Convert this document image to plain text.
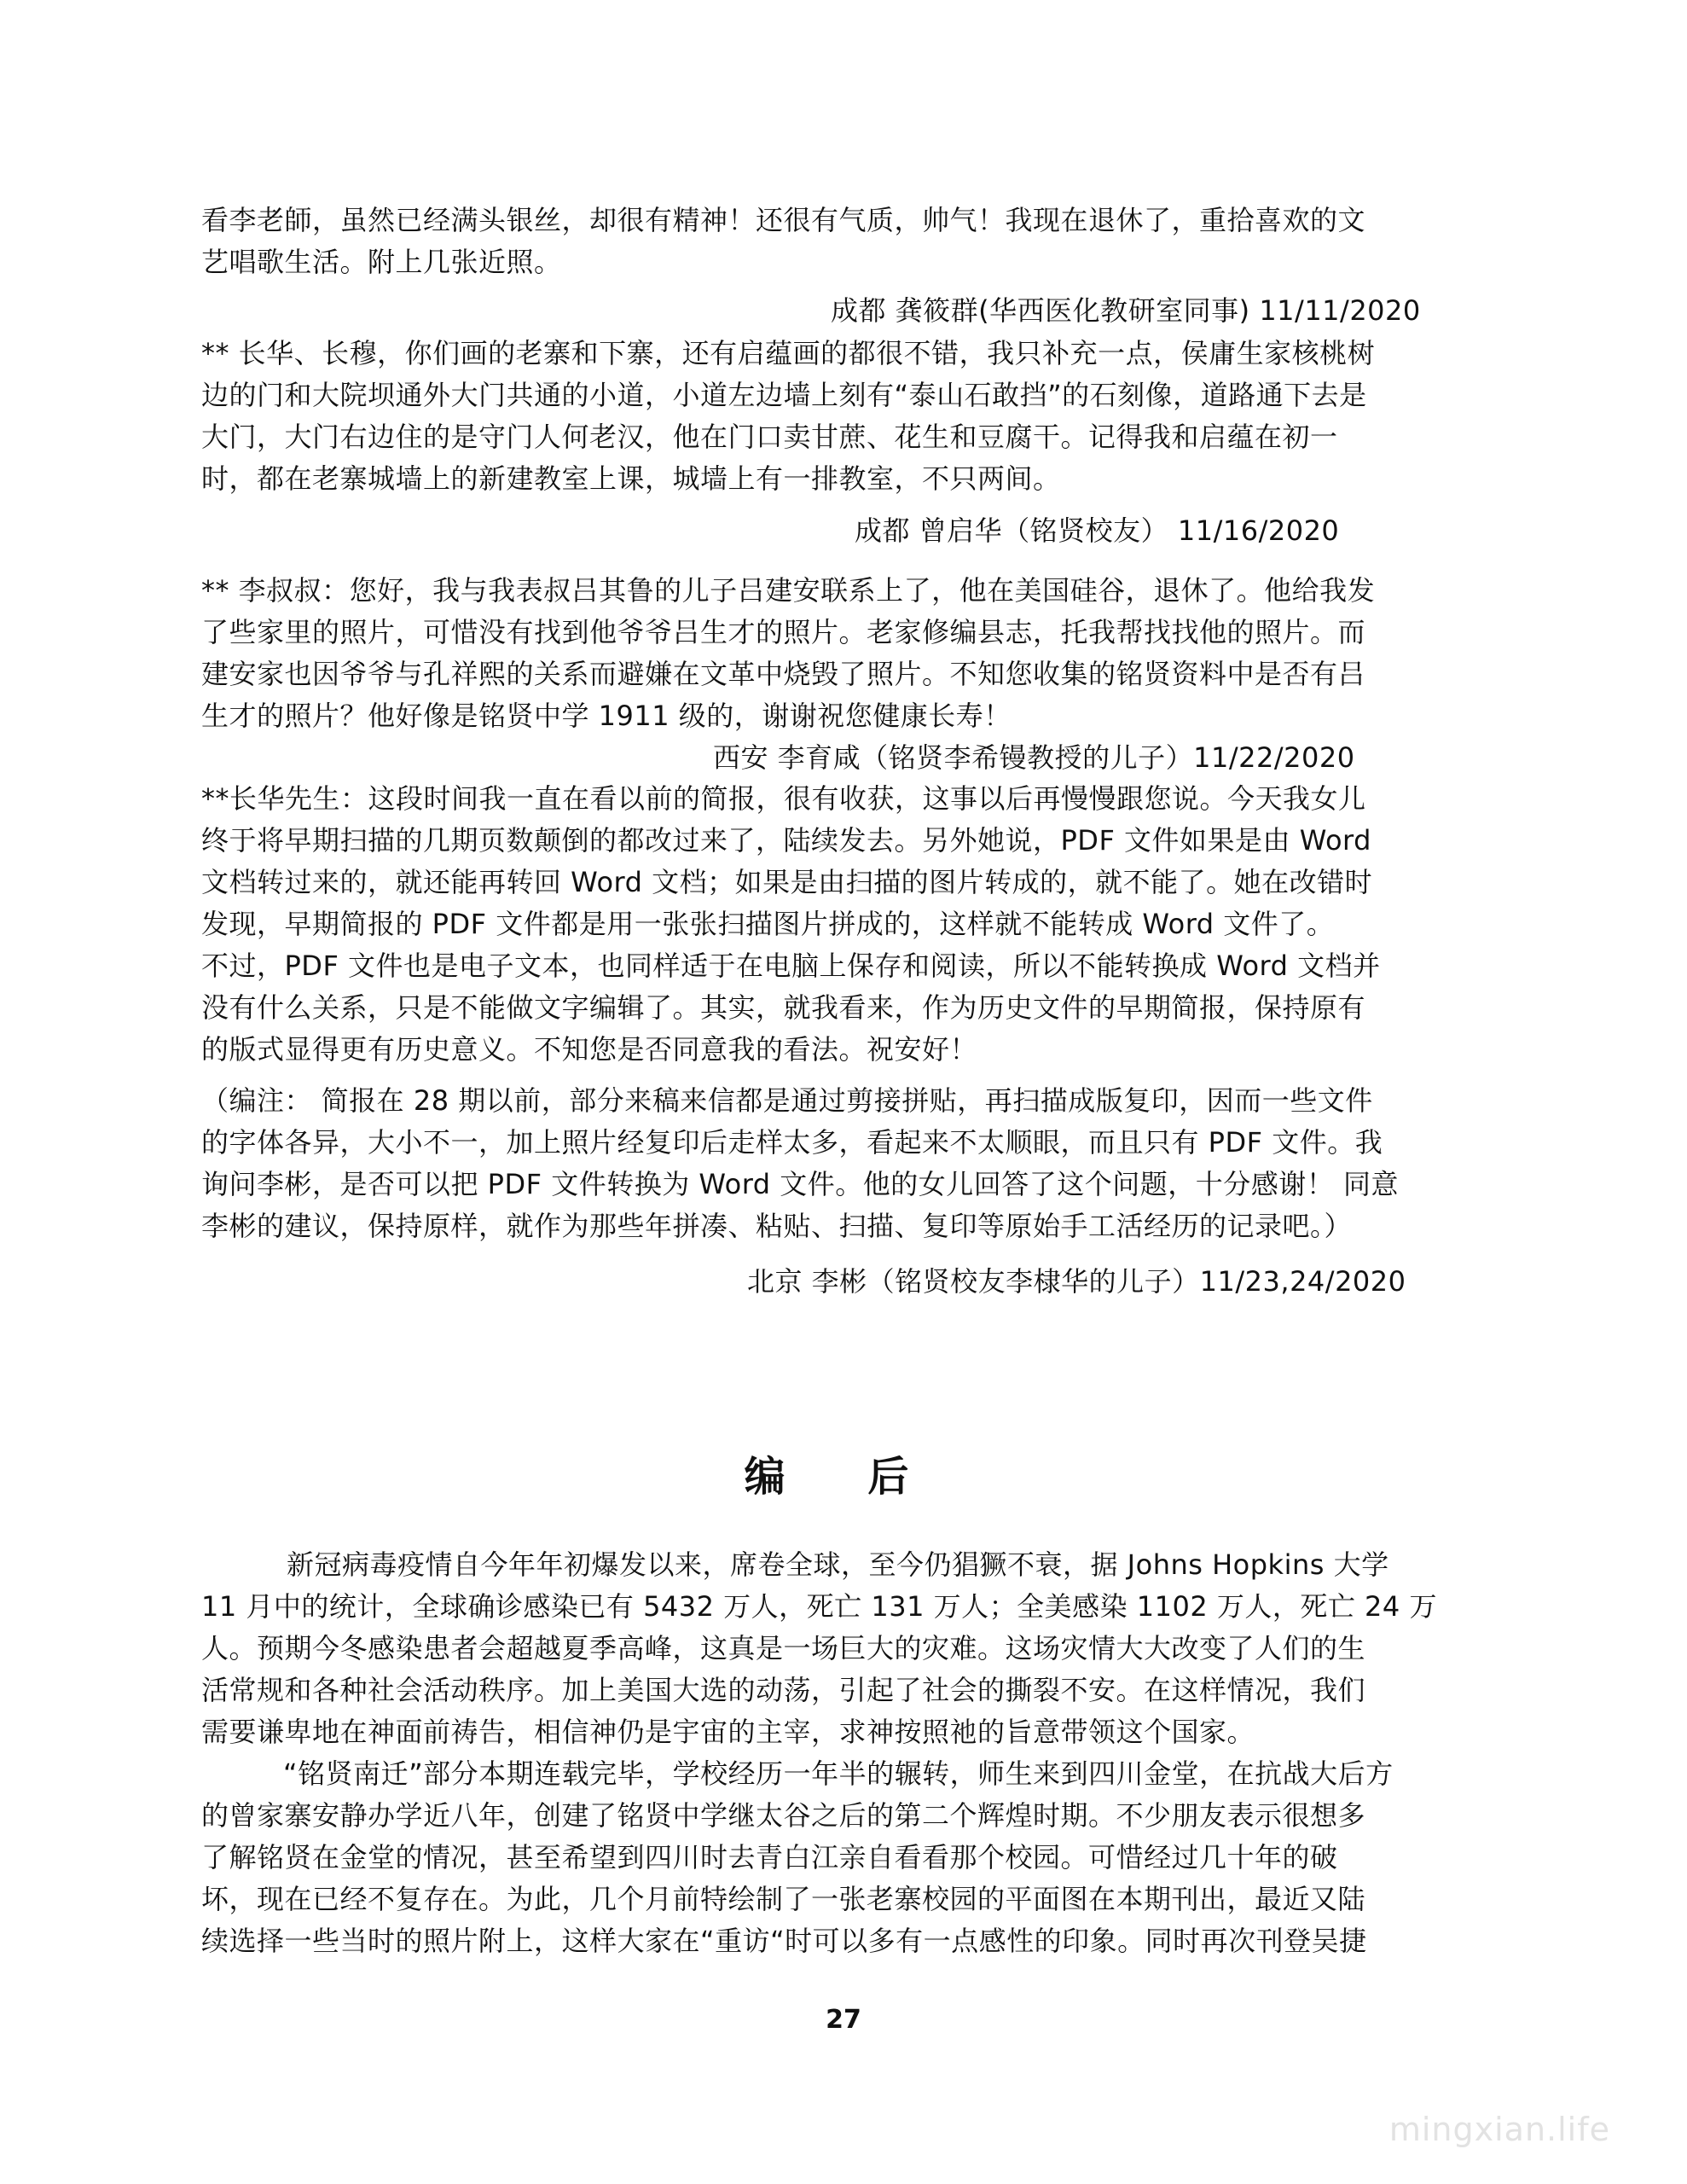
看李老師，虽然已经满头银丝，却很有精神！还很有气质，帅气！我现在退休了，重拾喜欢的文
艺唱歌生活。附上几张近照。
成都 龚筱群(华西医化教研室同事) 11/11/2020
** 长华、长穆，你们画的老寨和下寨，还有启蕴画的都很不错，我只补充一点，侯庸生家核桃树
边的门和大院坝通外大门共通的小道，小道左边墙上刻有“泰山石敢挡”的石刻像，道路通下去是
大门，大门右边住的是守门人何老汉，他在门口卖甘蔗、花生和豆腐干。记得我和启蕴在初一
时，都在老寨城墙上的新建教室上课，城墙上有一排教室，不只两间。
成都 曾启华（铭贤校友） 11/16/2020
** 李叔叔：您好，我与我表叔吕其鲁的儿子吕建安联系上了，他在美国硅谷，退休了。他给我发
了些家里的照片，可惜没有找到他爷爷吕生才的照片。老家修编县志，托我帮找找他的照片。而
建安家也因爷爷与孔祥熙的关系而避嫌在文革中烧毁了照片。不知您收集的铭贤资料中是否有吕
生才的照片？他好像是铭贤中学 1911 级的，谢谢祝您健康长寿！
西安 李育咸（铭贤李希镘教授的儿子）11/22/2020
**长华先生：这段时间我一直在看以前的简报，很有收获，这事以后再慢慢跟您说。今天我女儿
终于将早期扫描的几期页数颠倒的都改过来了，陆续发去。另外她说，PDF 文件如果是由 Word
文档转过来的，就还能再转回 Word 文档；如果是由扫描的图片转成的，就不能了。她在改错时
发现，早期简报的 PDF 文件都是用一张张扫描图片拼成的，这样就不能转成 Word 文件了。
不过，PDF 文件也是电子文本，也同样适于在电脑上保存和阅读，所以不能转换成 Word 文档并
没有什么关系，只是不能做文字编辑了。其实，就我看来，作为历史文件的早期简报，保持原有
的版式显得更有历史意义。不知您是否同意我的看法。祝安好！
（编注： 简报在 28 期以前，部分来稿来信都是通过剪接拼贴，再扫描成版复印，因而一些文件
的字体各异，大小不一，加上照片经复印后走样太多，看起来不太顺眼，而且只有 PDF 文件。我
询问李彬，是否可以把 PDF 文件转换为 Word 文件。他的女儿回答了这个问题，十分感谢！ 同意
李彬的建议，保持原样，就作为那些年拼凑、粘贴、扫描、复印等原始手工活经历的记录吧。）
北京 李彬（铭贤校友李棣华的儿子）11/23,24/2020
编 后
新冠病毒疫情自今年年初爆发以来，席卷全球，至今仍猖獗不衰，据 Johns Hopkins 大学
11 月中的统计，全球确诊感染已有 5432 万人，死亡 131 万人；全美感染 1102 万人，死亡 24 万
人。预期今冬感染患者会超越夏季高峰，这真是一场巨大的灾难。这场灾情大大改变了人们的生
活常规和各种社会活动秩序。加上美国大选的动荡，引起了社会的撕裂不安。在这样情况，我们
需要谦卑地在神面前祷告，相信神仍是宇宙的主宰，求神按照祂的旨意带领这个国家。
“铭贤南迁”部分本期连载完毕，学校经历一年半的辗转，师生来到四川金堂，在抗战大后方
的曾家寨安静办学近八年，创建了铭贤中学继太谷之后的第二个辉煌时期。不少朋友表示很想多
了解铭贤在金堂的情况，甚至希望到四川时去青白江亲自看看那个校园。可惜经过几十年的破
坏，现在已经不复存在。为此，几个月前特绘制了一张老寨校园的平面图在本期刊出，最近又陆
续选择一些当时的照片附上，这样大家在“重访“时可以多有一点感性的印象。同时再次刊登吴捷
27
mingxian.life
